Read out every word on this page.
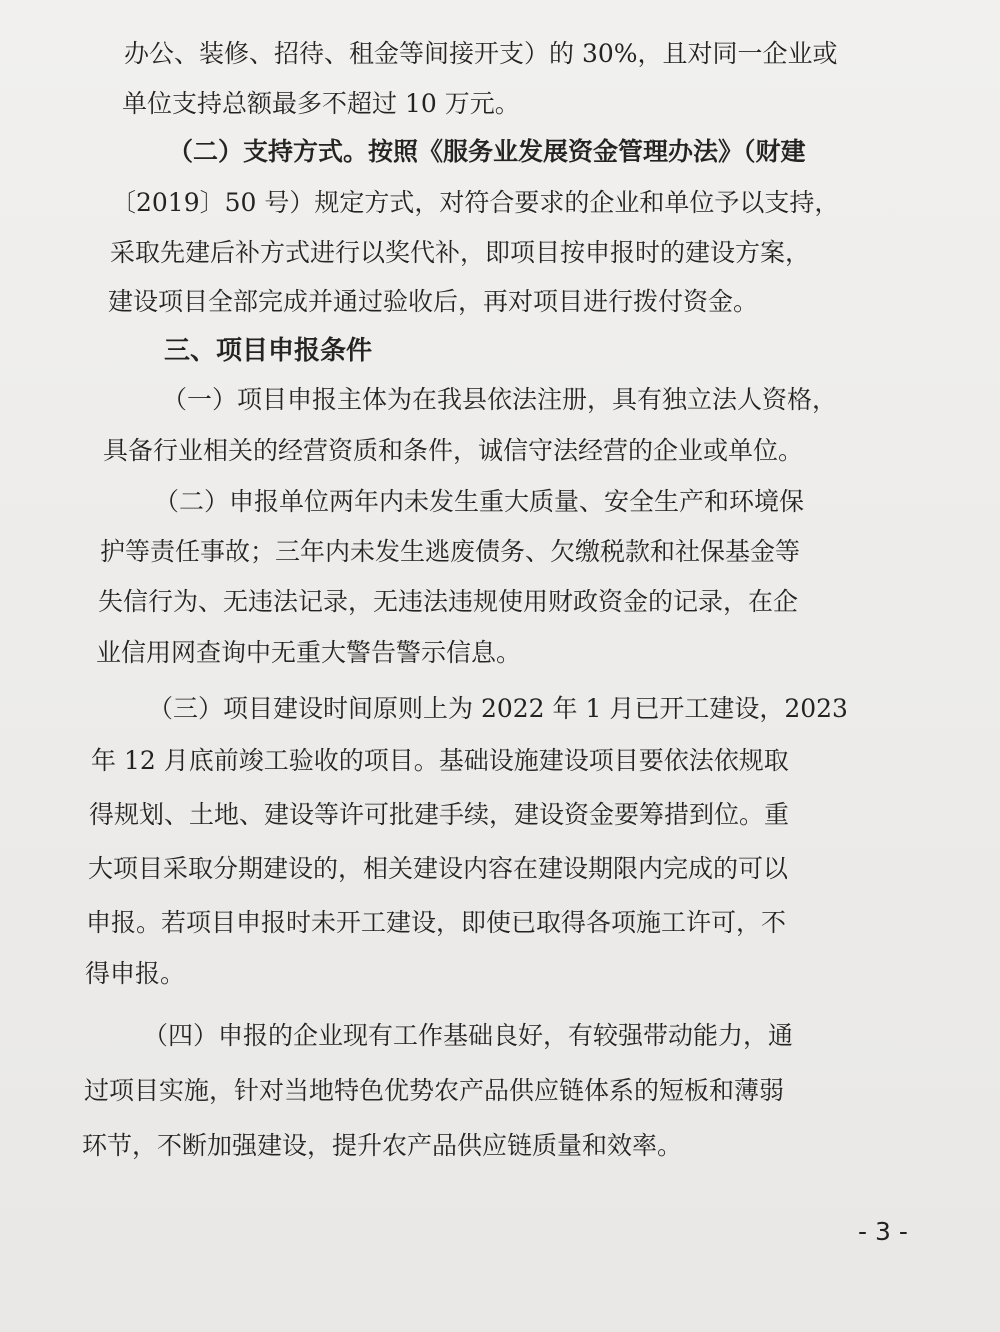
办公、装修、招待、租金等间接开支）的 30%，且对同一企业或
单位支持总额最多不超过 10 万元。
（二）支持方式。按照《服务业发展资金管理办法》（财建
〔2019〕50 号）规定方式，对符合要求的企业和单位予以支持，
采取先建后补方式进行以奖代补，即项目按申报时的建设方案，
建设项目全部完成并通过验收后，再对项目进行拨付资金。
三、项目申报条件
（一）项目申报主体为在我县依法注册，具有独立法人资格，
具备行业相关的经营资质和条件，诚信守法经营的企业或单位。
（二）申报单位两年内未发生重大质量、安全生产和环境保
护等责任事故；三年内未发生逃废债务、欠缴税款和社保基金等
失信行为、无违法记录，无违法违规使用财政资金的记录，在企
业信用网查询中无重大警告警示信息。
（三）项目建设时间原则上为 2022 年 1 月已开工建设，2023
年 12 月底前竣工验收的项目。基础设施建设项目要依法依规取
得规划、土地、建设等许可批建手续，建设资金要筹措到位。重
大项目采取分期建设的，相关建设内容在建设期限内完成的可以
申报。若项目申报时未开工建设，即使已取得各项施工许可，不
得申报。
（四）申报的企业现有工作基础良好，有较强带动能力，通
过项目实施，针对当地特色优势农产品供应链体系的短板和薄弱
环节，不断加强建设，提升农产品供应链质量和效率。
- 3 -
